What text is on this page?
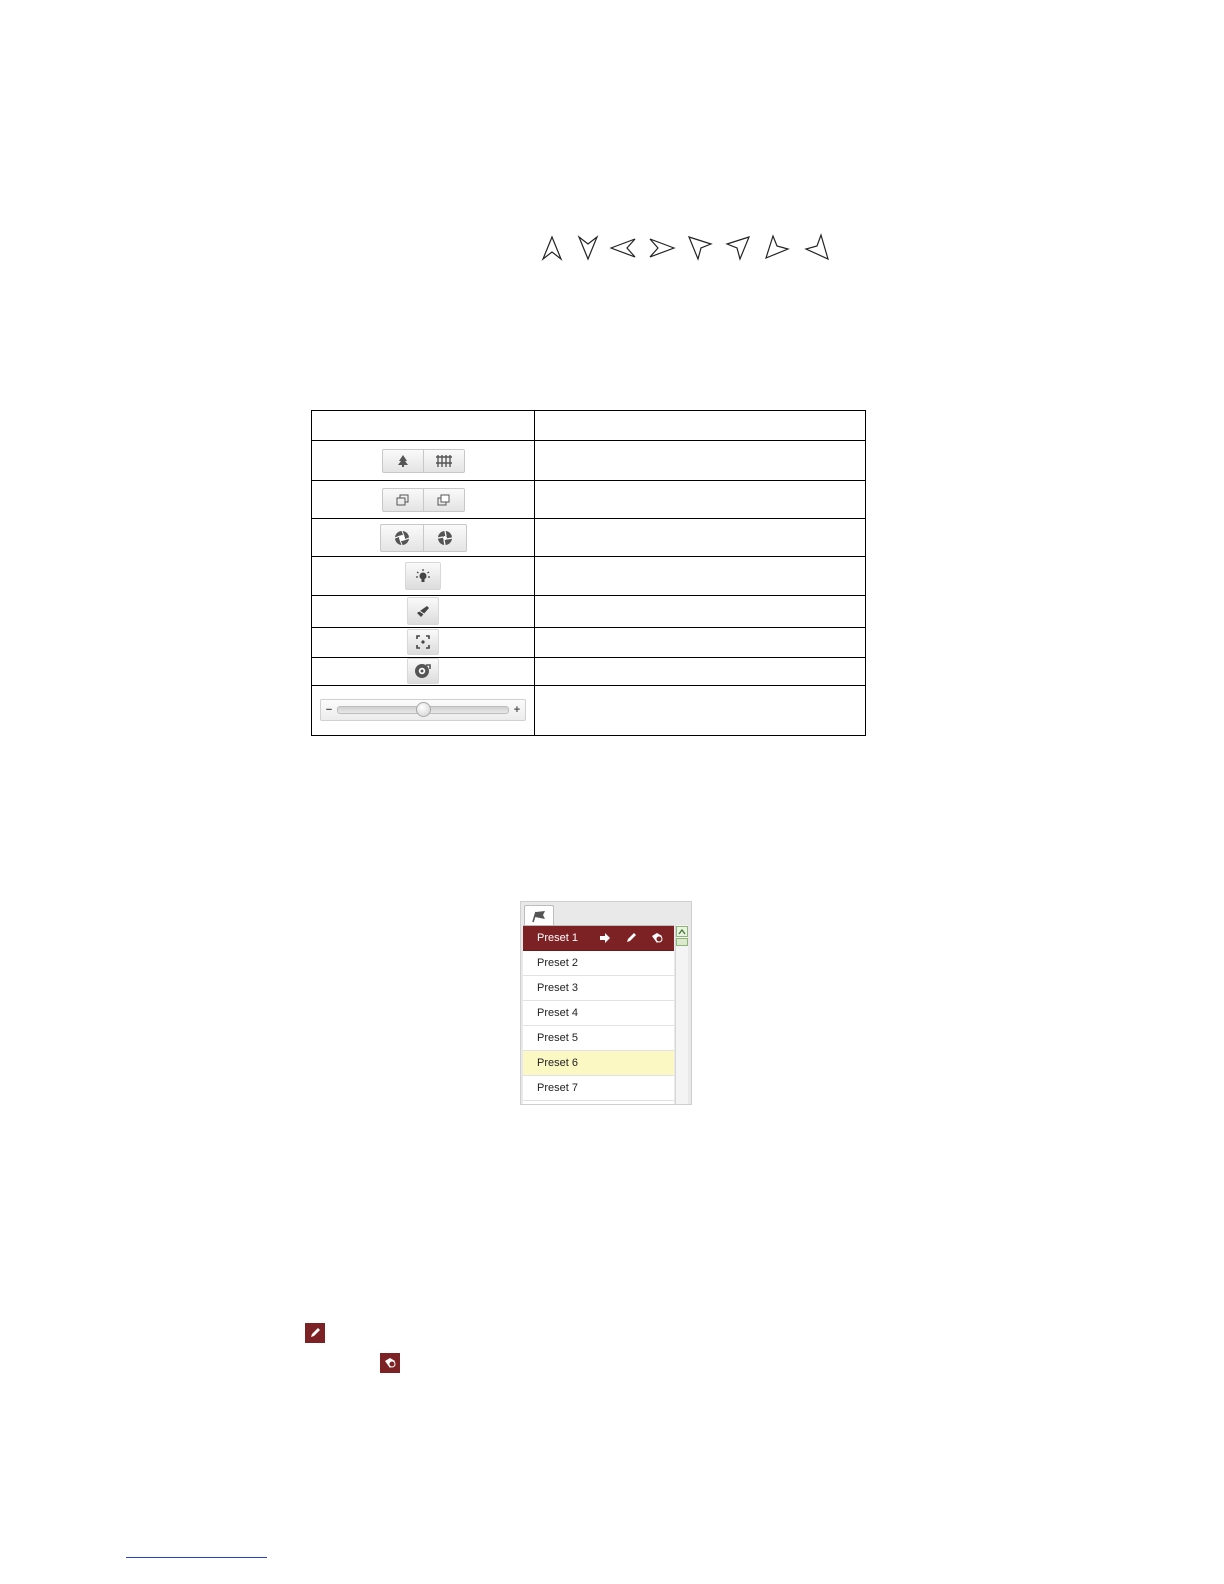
− +	

Preset 1
Preset 2
Preset 3
Preset 4
Preset 5
Preset 6
Preset 7
